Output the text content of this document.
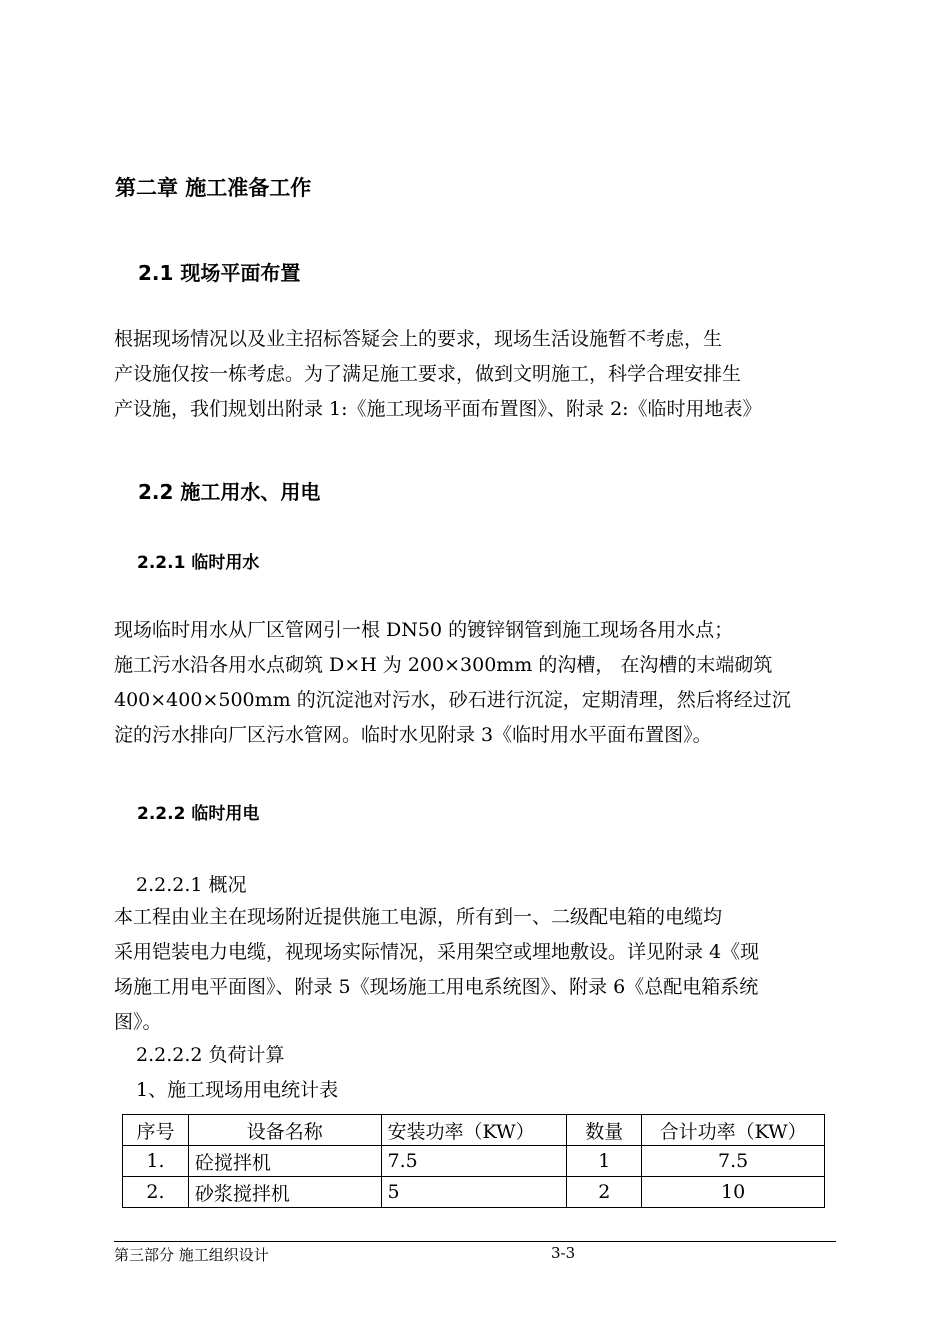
第二章 施工准备工作
2.1 现场平面布置
根据现场情况以及业主招标答疑会上的要求，现场生活设施暂不考虑，生
产设施仅按一栋考虑。为了满足施工要求，做到文明施工，科学合理安排生
产设施，我们规划出附录 1:《施工现场平面布置图》、附录 2:《临时用地表》
2.2 施工用水、用电
2.2.1 临时用水
现场临时用水从厂区管网引一根 DN50 的镀锌钢管到施工现场各用水点；
施工污水沿各用水点砌筑 D×H 为 200×300mm 的沟槽， 在沟槽的末端砌筑
400×400×500mm 的沉淀池对污水，砂石进行沉淀，定期清理，然后将经过沉
淀的污水排向厂区污水管网。临时水见附录 3《临时用水平面布置图》。
2.2.2 临时用电
2.2.2.1 概况
本工程由业主在现场附近提供施工电源，所有到一、二级配电箱的电缆均
采用铠装电力电缆，视现场实际情况，采用架空或埋地敷设。详见附录 4《现
场施工用电平面图》、附录 5《现场施工用电系统图》、附录 6《总配电箱系统
图》。
2.2.2.2 负荷计算
1、施工现场用电统计表
序号	设备名称	安装功率（KW）	数量	合计功率（KW）
1.	砼搅拌机	7.5	1	7.5
2.	砂浆搅拌机	5	2	10
第三部分 施工组织设计	3-3
